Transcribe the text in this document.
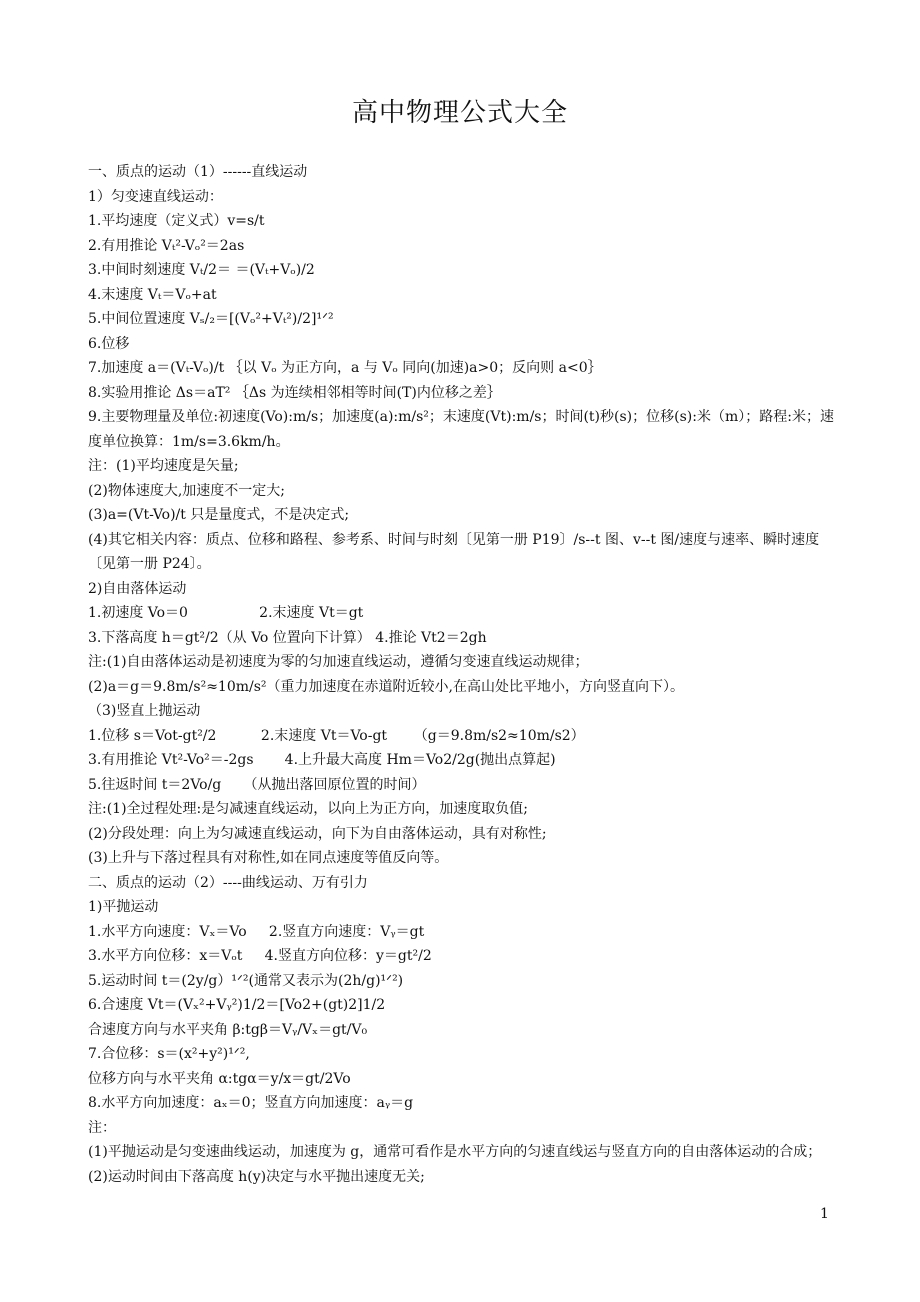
高中物理公式大全
一、质点的运动（1）------直线运动
1）匀变速直线运动：
1.平均速度（定义式）v=s/t
2.有用推论 Vₜ²-Vₒ²＝2as
3.中间时刻速度 Vₜ/2＝ ＝(Vₜ+Vₒ)/2
4.末速度 Vₜ＝Vₒ+at
5.中间位置速度 Vₛ/₂＝[(Vₒ²+Vₜ²)/2]¹ᐟ²
6.位移
7.加速度 a＝(Vₜ-Vₒ)/t ｛以 Vₒ 为正方向，a 与 Vₒ 同向(加速)a>0；反向则 a<0｝
8.实验用推论 Δs＝aT² ｛Δs 为连续相邻相等时间(T)内位移之差｝
9.主要物理量及单位:初速度(Vo):m/s；加速度(a):m/s²；末速度(Vt):m/s；时间(t)秒(s)；位移(s):米（m）；路程:米；速度单位换算：1m/s=3.6km/h。
注：(1)平均速度是矢量;
(2)物体速度大,加速度不一定大;
(3)a=(Vt-Vo)/t 只是量度式，不是决定式;
(4)其它相关内容：质点、位移和路程、参考系、时间与时刻〔见第一册 P19〕/s--t 图、v--t 图/速度与速率、瞬时速度〔见第一册 P24〕。
2)自由落体运动
1.初速度 Vo＝0                2.末速度 Vt＝gt
3.下落高度 h＝gt²/2（从 Vo 位置向下计算） 4.推论 Vt2＝2gh
注:(1)自由落体运动是初速度为零的匀加速直线运动，遵循匀变速直线运动规律；
(2)a＝g＝9.8m/s²≈10m/s²（重力加速度在赤道附近较小,在高山处比平地小，方向竖直向下）。
（3)竖直上抛运动
1.位移 s＝Vot-gt²/2          2.末速度 Vt＝Vo-gt      （g＝9.8m/s2≈10m/s2）
3.有用推论 Vt²-Vo²＝-2gs       4.上升最大高度 Hm＝Vo2/2g(抛出点算起)
5.往返时间 t＝2Vo/g     （从抛出落回原位置的时间）
注:(1)全过程处理:是匀减速直线运动，以向上为正方向，加速度取负值;
(2)分段处理：向上为匀减速直线运动，向下为自由落体运动，具有对称性;
(3)上升与下落过程具有对称性,如在同点速度等值反向等。
二、质点的运动（2）----曲线运动、万有引力
1)平抛运动
1.水平方向速度：Vₓ＝Vo     2.竖直方向速度：Vᵧ＝gt
3.水平方向位移：x＝Vₒt     4.竖直方向位移：y＝gt²/2
5.运动时间 t＝(2y/g）¹ᐟ²(通常又表示为(2h/g)¹ᐟ²)
6.合速度 Vt＝(Vₓ²+Vᵧ²)1/2＝[Vo2+(gt)2]1/2
合速度方向与水平夹角 β:tgβ＝Vᵧ/Vₓ＝gt/V₀
7.合位移：s＝(x²+y²)¹ᐟ²,
位移方向与水平夹角 α:tgα＝y/x＝gt/2Vo
8.水平方向加速度：aₓ＝0；竖直方向加速度：aᵧ＝g
注：
(1)平抛运动是匀变速曲线运动，加速度为 g，通常可看作是水平方向的匀速直线运与竖直方向的自由落体运动的合成；
(2)运动时间由下落高度 h(y)决定与水平抛出速度无关;
1
